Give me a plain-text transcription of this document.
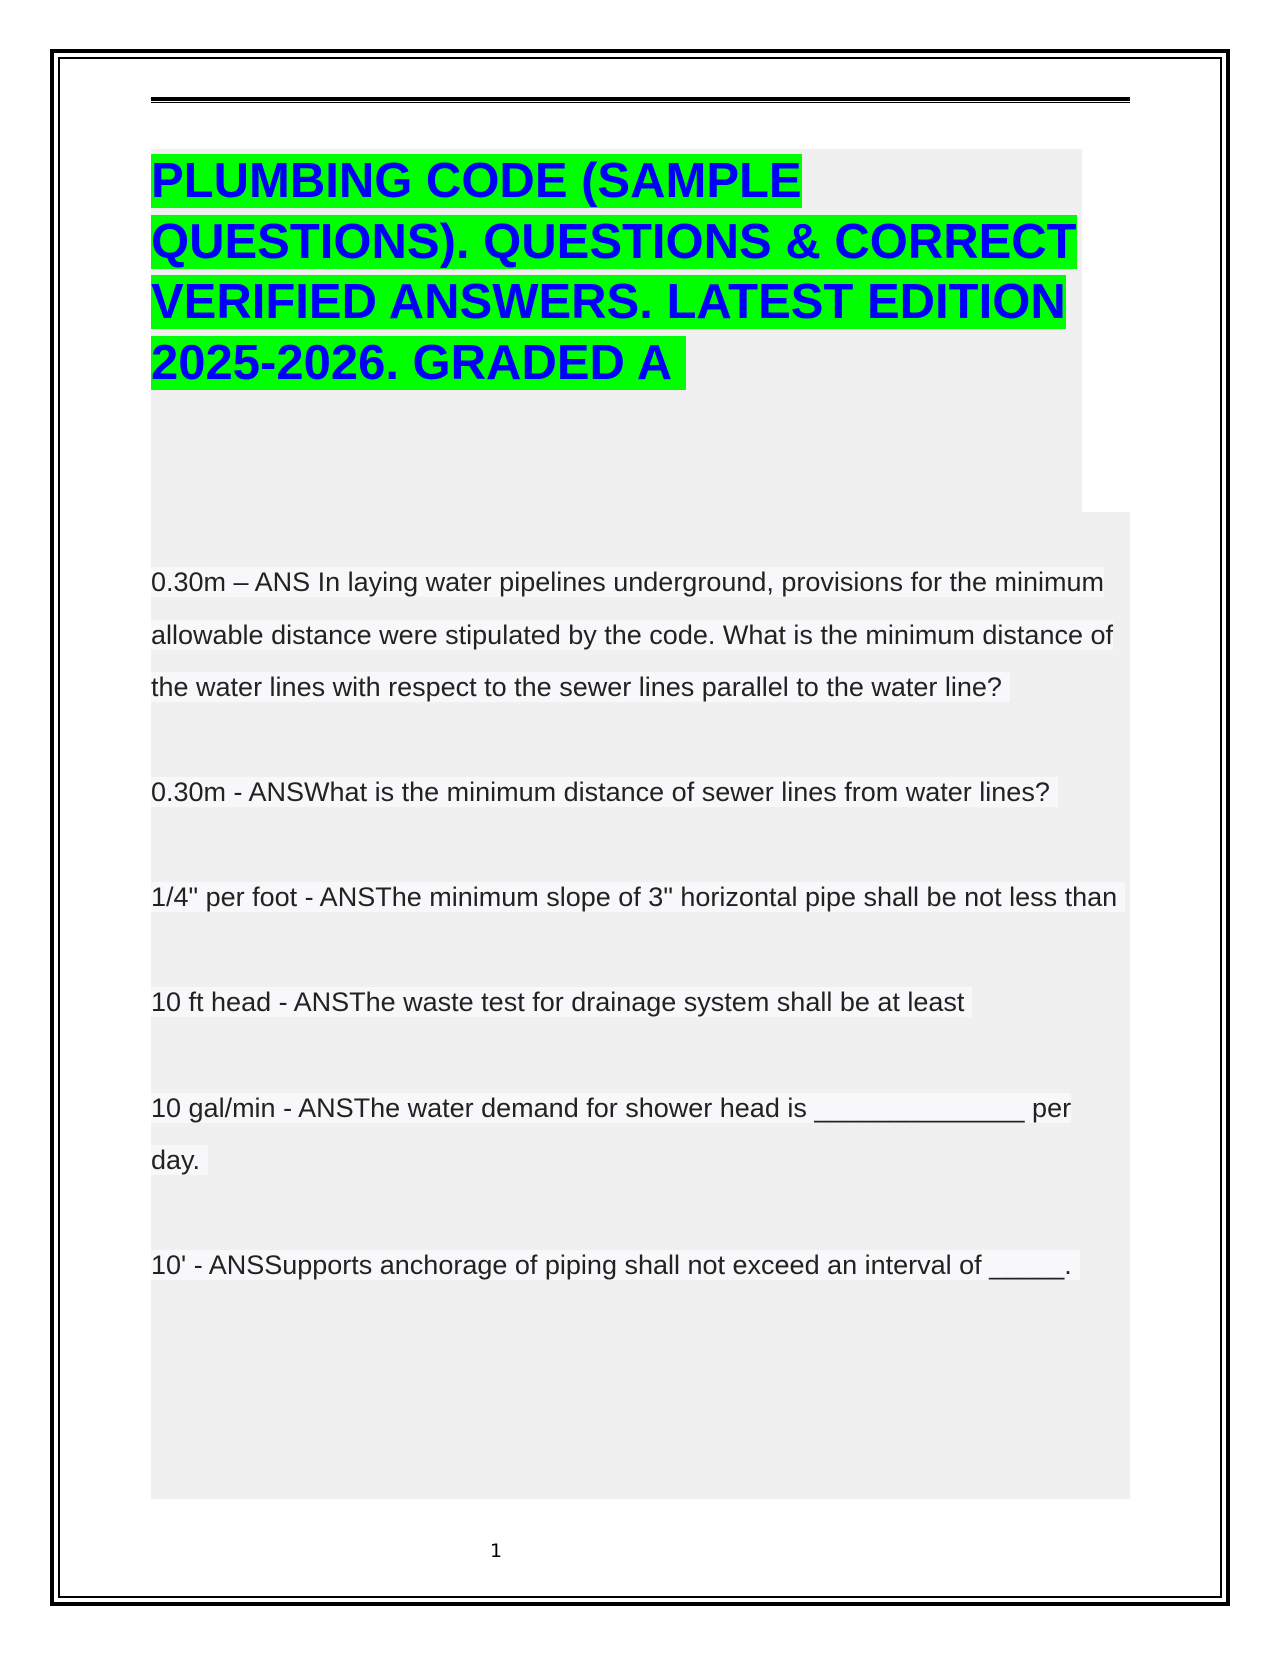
PLUMBING CODE (SAMPLE QUESTIONS). QUESTIONS & CORRECT VERIFIED ANSWERS. LATEST EDITION 2025-2026. GRADED A
0.30m – ANS In laying water pipelines underground, provisions for the minimum allowable distance were stipulated by the code. What is the minimum distance of the water lines with respect to the sewer lines parallel to the water line?
0.30m - ANSWhat is the minimum distance of sewer lines from water lines?
1/4" per foot - ANSThe minimum slope of 3" horizontal pipe shall be not less than
10 ft head - ANSThe waste test for drainage system shall be at least
10 gal/min - ANSThe water demand for shower head is ______________ per day.
10' - ANSSupports anchorage of piping shall not exceed an interval of _____.
1
